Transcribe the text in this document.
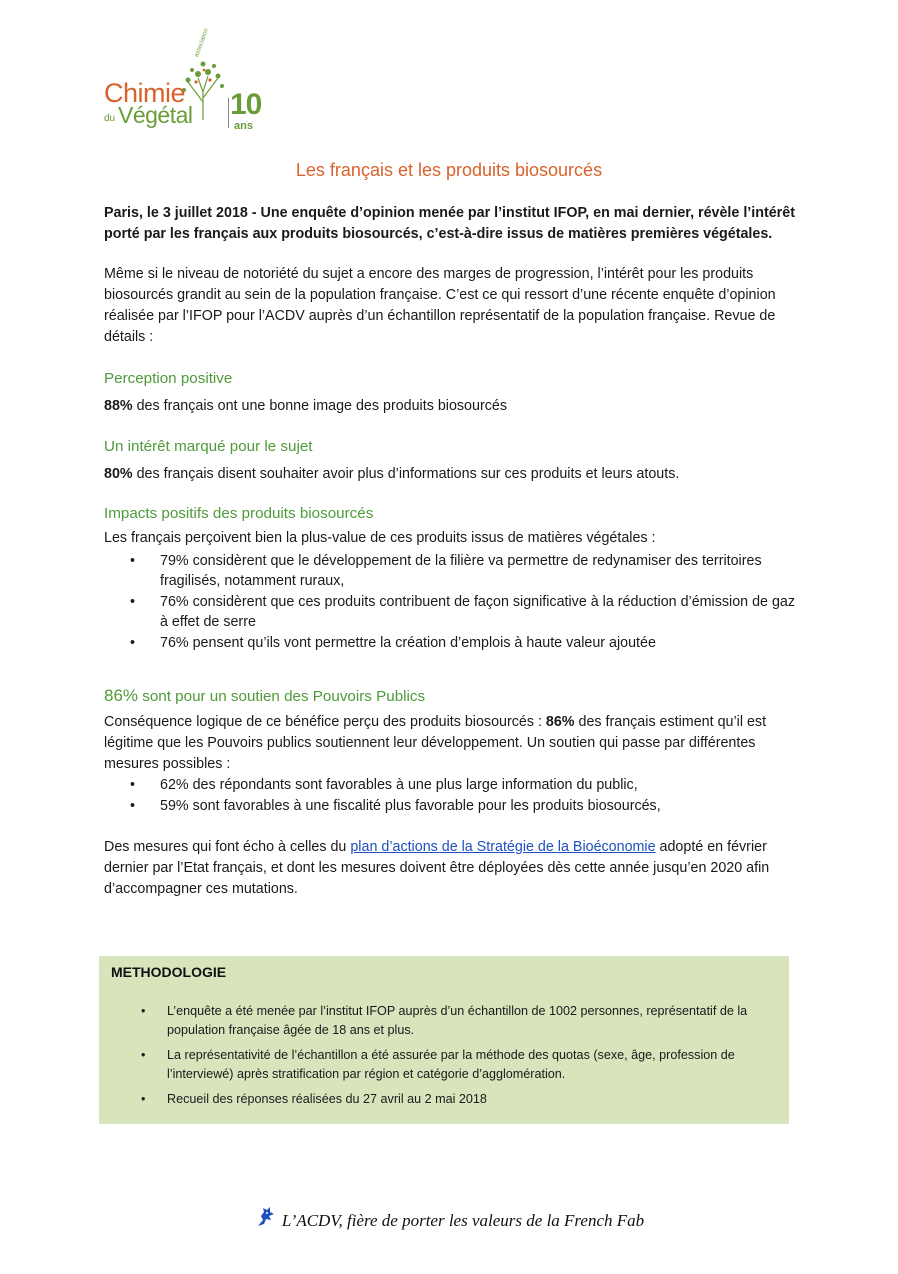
association
Chimie
du Végétal 10
ans
Les français et les produits biosourcés
Paris, le 3 juillet 2018 - Une enquête d’opinion menée par l’institut IFOP, en mai dernier, révèle l’intérêt porté par les français aux produits biosourcés, c’est-à-dire issus de matières premières végétales.
Même si le niveau de notoriété du sujet a encore des marges de progression, l’intérêt pour les produits biosourcés grandit au sein de la population française. C’est ce qui ressort d’une récente enquête d’opinion réalisée par l’IFOP pour l’ACDV auprès d’un échantillon représentatif de la population française. Revue de détails :
Perception positive
88% des français ont une bonne image des produits biosourcés
Un intérêt marqué pour le sujet
80% des français disent souhaiter avoir plus d’informations sur ces produits et leurs atouts.
Impacts positifs des produits biosourcés
Les français perçoivent bien la plus-value de ces produits issus de matières végétales :
• 79% considèrent que le développement de la filière va permettre de redynamiser des territoires fragilisés, notamment ruraux,
• 76% considèrent que ces produits contribuent de façon significative à la réduction d’émission de gaz à effet de serre
• 76% pensent qu’ils vont permettre la création d’emplois à haute valeur ajoutée
86% sont pour un soutien des Pouvoirs Publics
Conséquence logique de ce bénéfice perçu des produits biosourcés : 86% des français estiment qu’il est légitime que les Pouvoirs publics soutiennent leur développement. Un soutien qui passe par différentes mesures possibles :
• 62% des répondants sont favorables à une plus large information du public,
• 59% sont favorables à une fiscalité plus favorable pour les produits biosourcés,
Des mesures qui font écho à celles du plan d’actions de la Stratégie de la Bioéconomie adopté en février dernier par l’Etat français, et dont les mesures doivent être déployées dès cette année jusqu’en 2020 afin d’accompagner ces mutations.
METHODOLOGIE
• L’enquête a été menée par l’institut IFOP auprès d’un échantillon de 1002 personnes, représentatif de la population française âgée de 18 ans et plus.
• La représentativité de l’échantillon a été assurée par la méthode des quotas (sexe, âge, profession de l’interviewé) après stratification par région et catégorie d’agglomération.
• Recueil des réponses réalisées du 27 avril au 2 mai 2018
L’ACDV, fière de porter les valeurs de la French Fab
